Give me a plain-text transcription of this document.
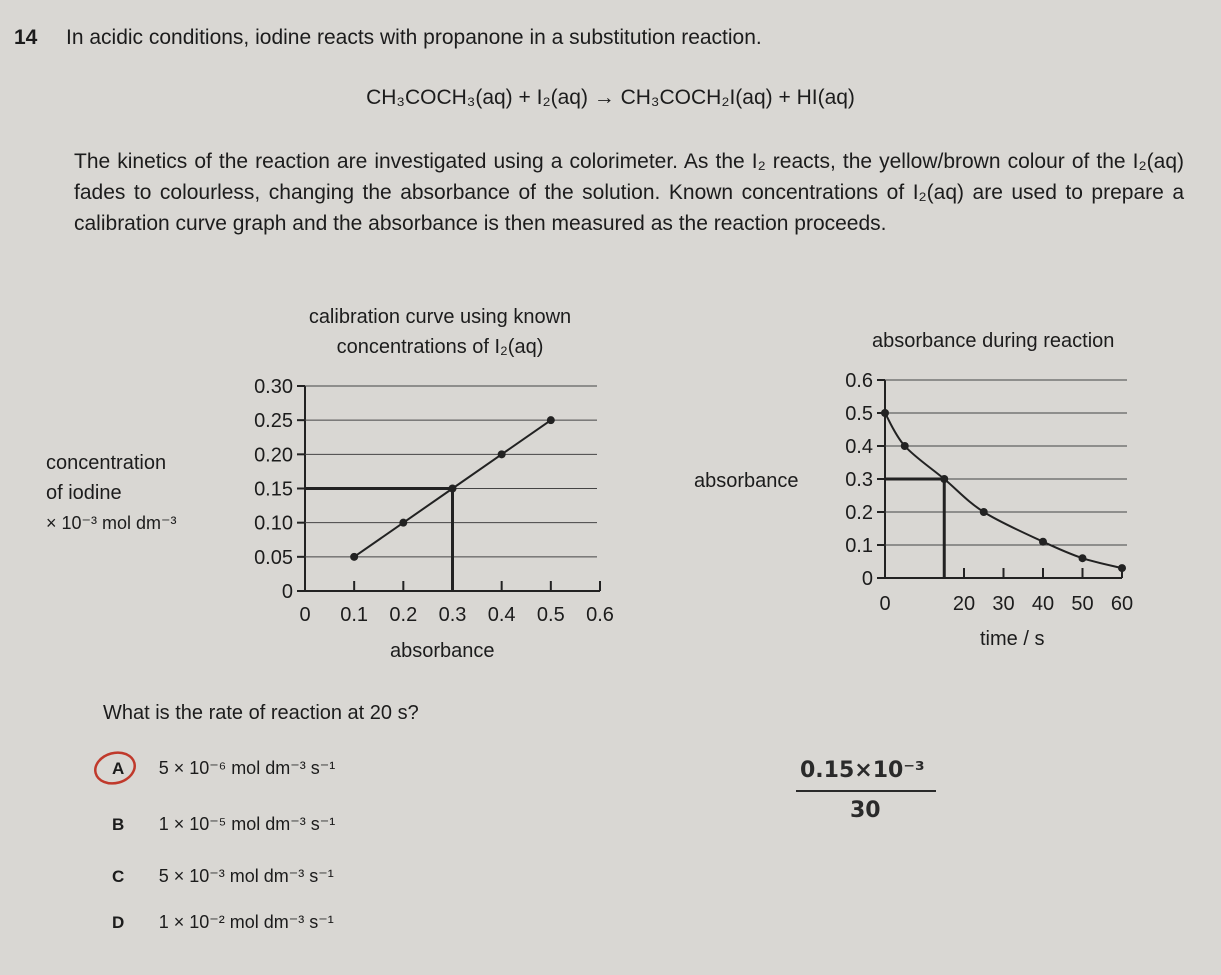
14 In acidic conditions, iodine reacts with propanone in a substitution reaction.
CH₃COCH₃(aq) + I₂(aq) → CH₃COCH₂I(aq) + HI(aq)
The kinetics of the reaction are investigated using a colorimeter. As the I₂ reacts, the yellow/brown colour of the I₂(aq) fades to colourless, changing the absorbance of the solution. Known concentrations of I₂(aq) are used to prepare a calibration curve graph and the absorbance is then measured as the reaction proceeds.
calibration curve using known
concentrations of I₂(aq)
concentration
of iodine
× 10⁻³ mol dm⁻³
absorbance
0
0.05
0.10
0.15
0.20
0.25
0.30
0 0.1 0.2 0.3 0.4 0.5 0.6
absorbance during reaction
absorbance
time / s
0
0.1
0.2
0.3
0.4
0.5
0.6
0	20 30 40 50 60
What is the rate of reaction at 20 s?
A 5 × 10⁻⁶ mol dm⁻³ s⁻¹
B 1 × 10⁻⁵ mol dm⁻³ s⁻¹
C 5 × 10⁻³ mol dm⁻³ s⁻¹
D 1 × 10⁻² mol dm⁻³ s⁻¹
0.15×10⁻³
30
